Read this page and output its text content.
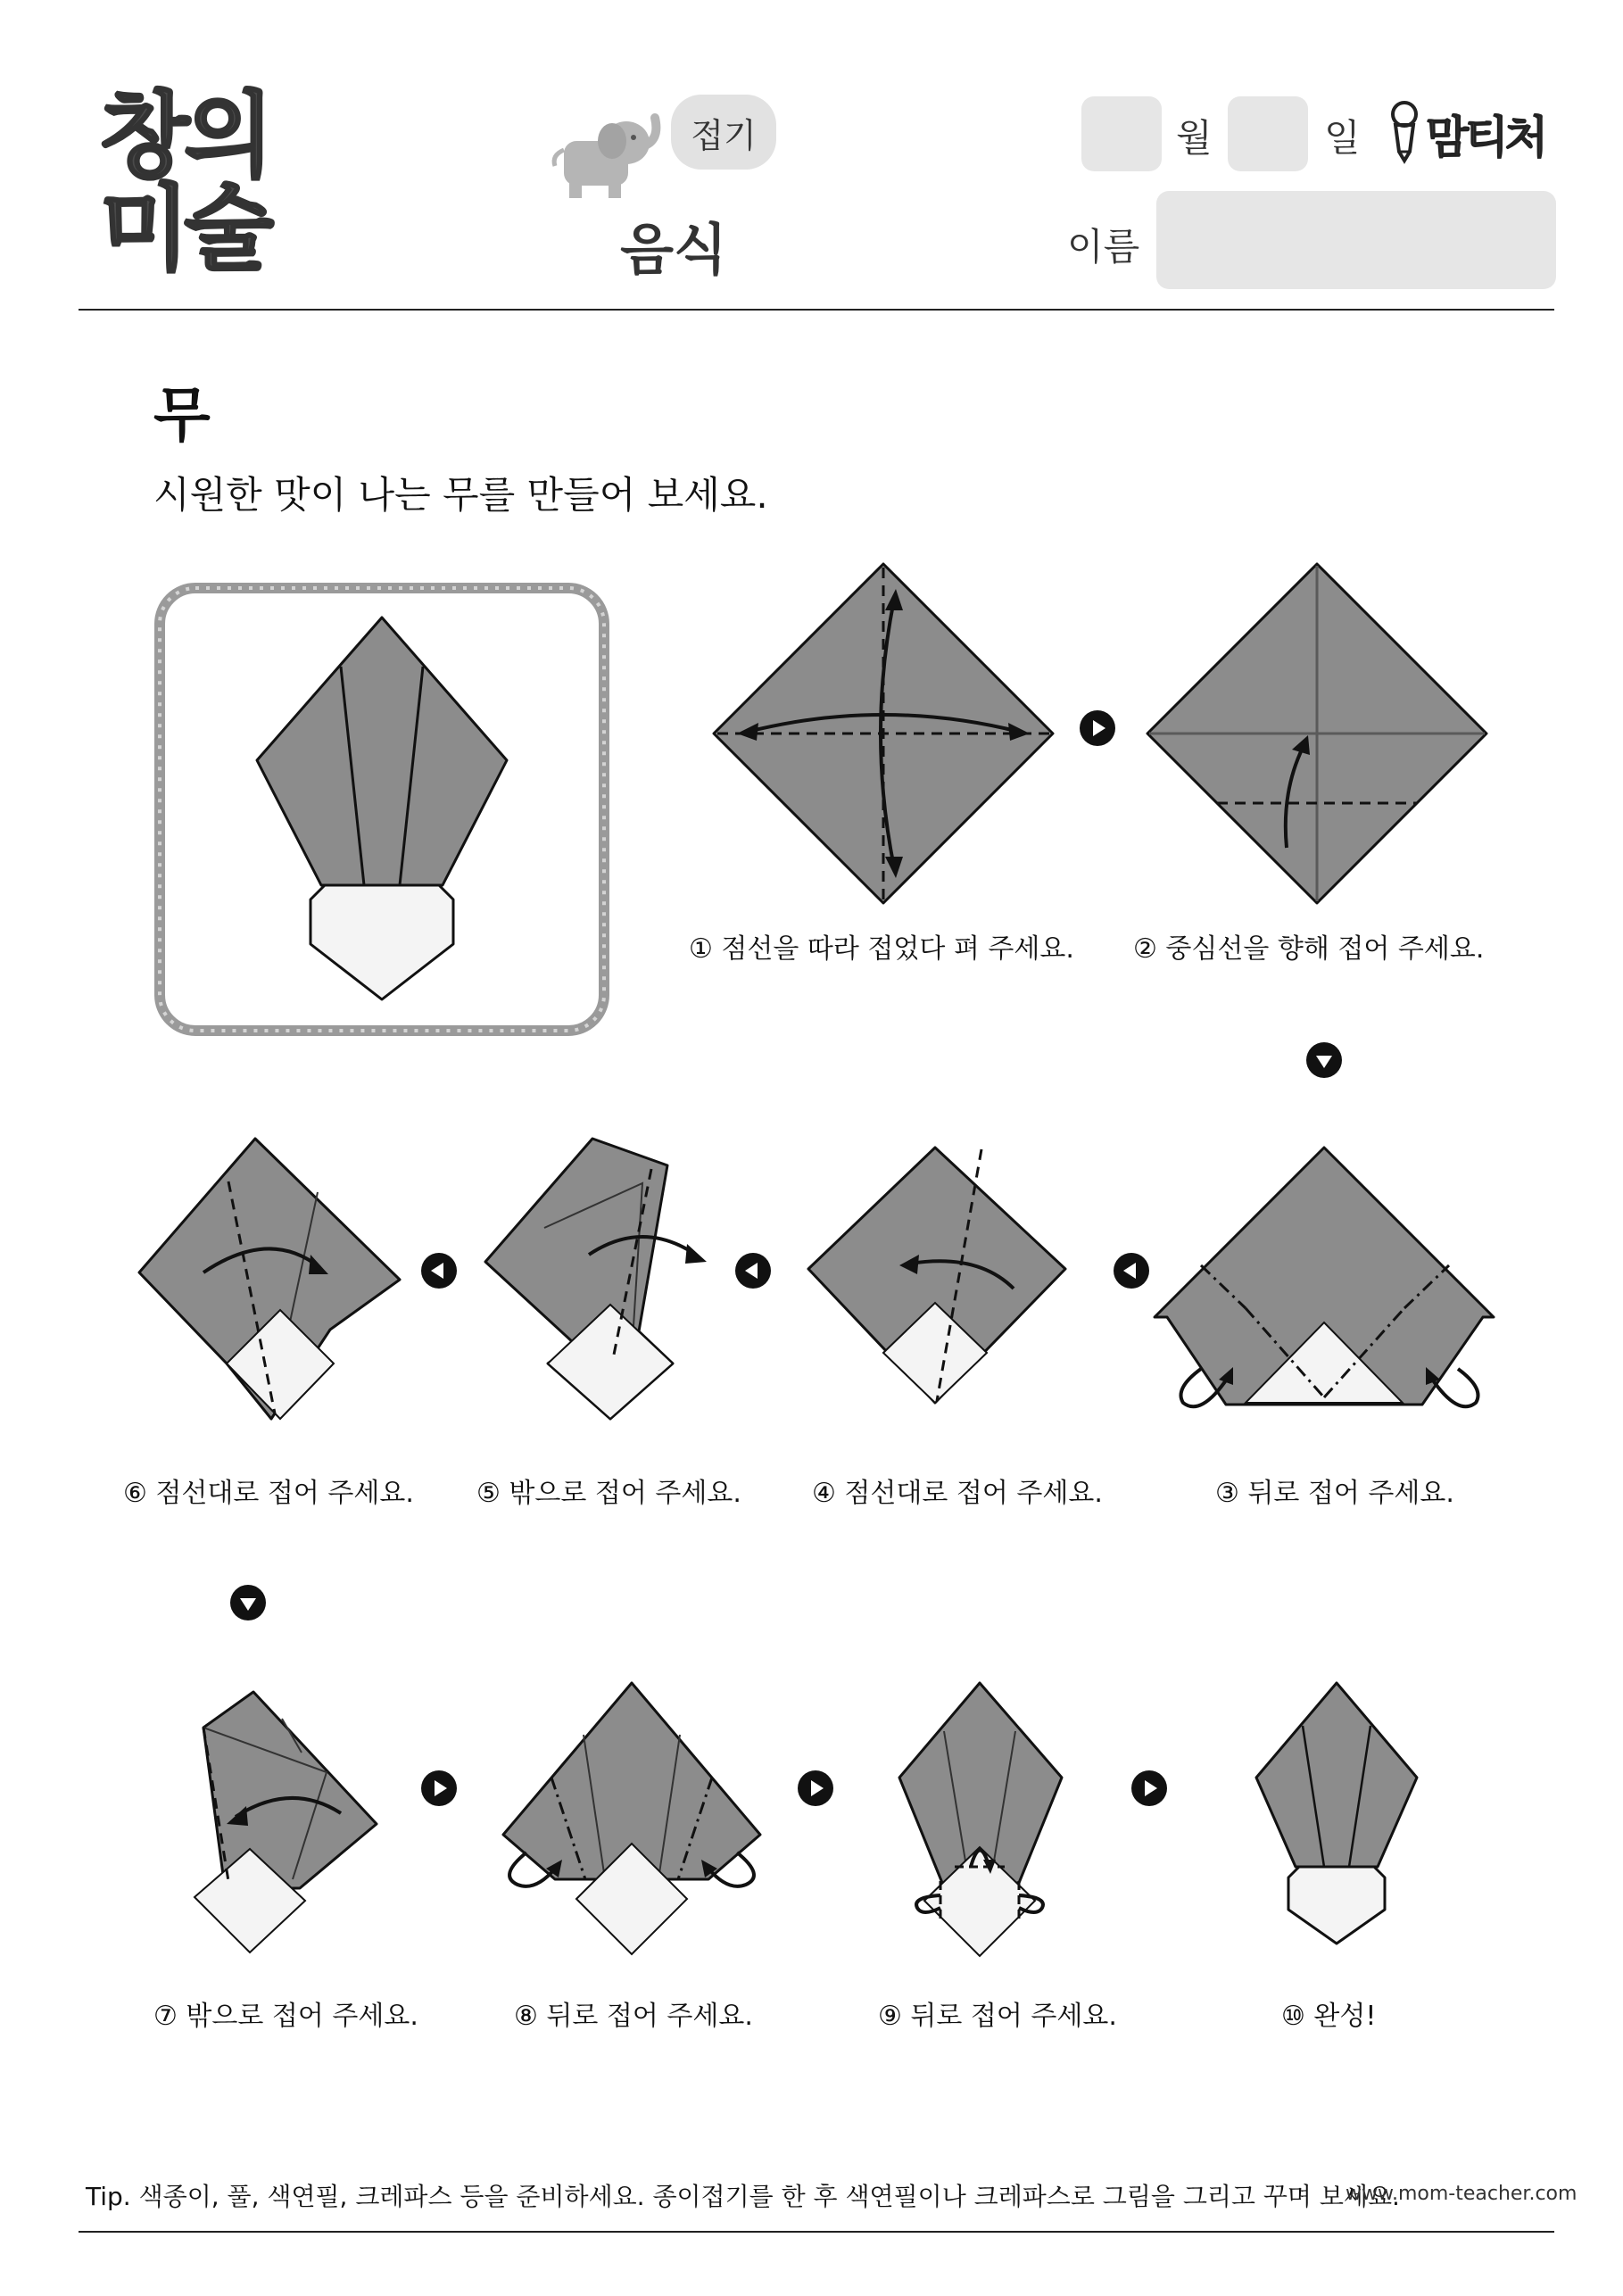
창의
미술
접기
음식
월	일 맘티처
이름
무
시원한 맛이 나는 무를 만들어 보세요.
① 점선을 따라 접었다 펴 주세요. ② 중심선을 향해 접어 주세요.
③ 뒤로 접어 주세요.
④ 점선대로 접어 주세요.
⑤ 밖으로 접어 주세요.
⑥ 점선대로 접어 주세요.
⑦ 밖으로 접어 주세요.	⑧ 뒤로 접어 주세요.	⑨ 뒤로 접어 주세요.	⑩ 완성!
Tip. 색종이, 풀, 색연필, 크레파스 등을 준비하세요. 종이접기를 한 후 색연필이나 크레파스로 그림을 그리고 꾸며 보세요.
www.mom-teacher.com
